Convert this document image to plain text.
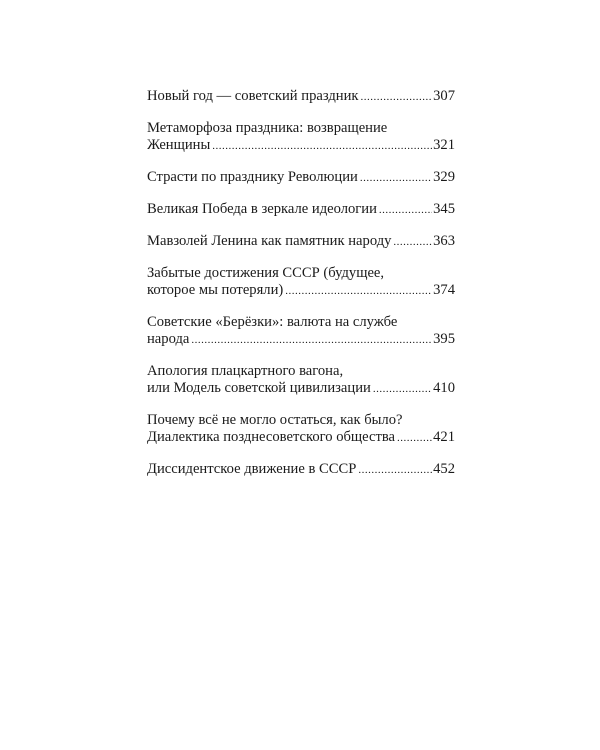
Новый год — советский праздник .....	307
Метаморфоза праздника: возвращение
Женщины .....	321
Страсти по празднику Революции .....	329
Великая Победа в зеркале идеологии .....	345
Мавзолей Ленина как памятник народу .....	363
Забытые достижения СССР (будущее,
которое мы потеряли) .....	374
Советские «Берёзки»: валюта на службе
народа .....	395
Апология плацкартного вагона,
или Модель советской цивилизации .....	410
Почему всё не могло остаться, как было?
Диалектика позднесоветского общества .....	421
Диссидентское движение в СССР .....	452
